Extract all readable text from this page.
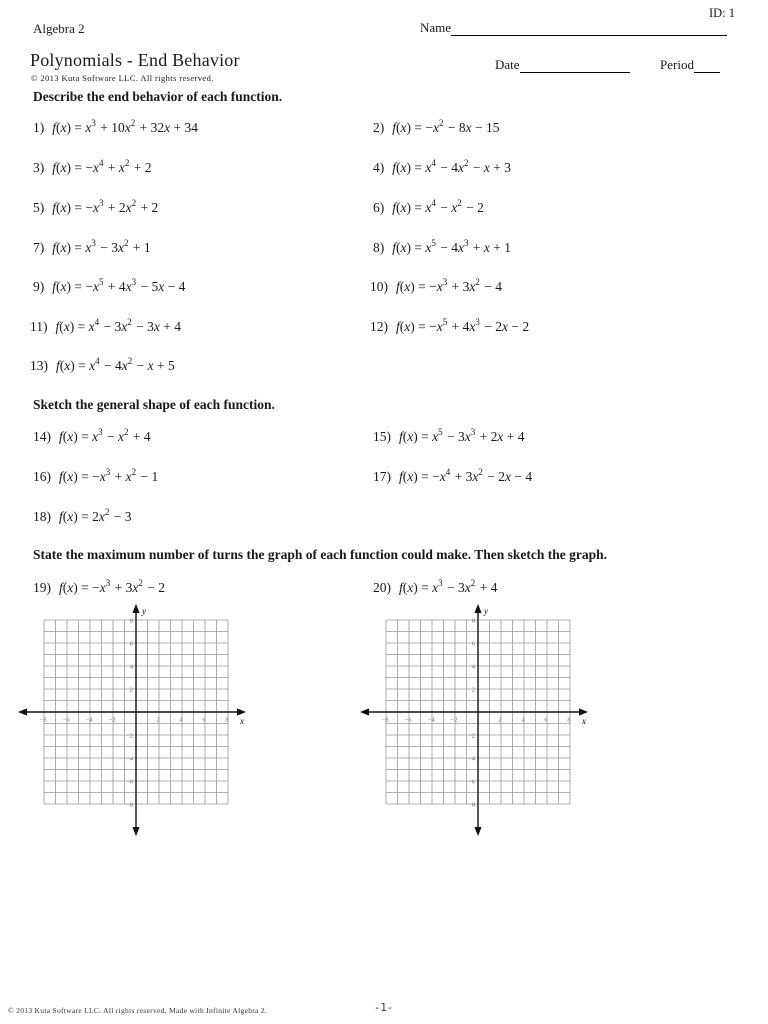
ID: 1
Algebra 2	Name
Polynomials - End Behavior
© 2013 Kuta Software LLC. All rights reserved.
Date	Period
Describe the end behavior of each function.
1) $f(x) = x^3 + 10x^2 + 32x + 34$	2) $f(x) = -x^2 - 8x - 15$
3) $f(x) = -x^4 + x^2 + 2$	4) $f(x) = x^4 - 4x^2 - x + 3$
5) $f(x) = -x^3 + 2x^2 + 2$	6) $f(x) = x^4 - x^2 - 2$
7) $f(x) = x^3 - 3x^2 + 1$	8) $f(x) = x^5 - 4x^3 + x + 1$
9) $f(x) = -x^5 + 4x^3 - 5x - 4$	10) $f(x) = -x^3 + 3x^2 - 4$
11) $f(x) = x^4 - 3x^2 - 3x + 4$	12) $f(x) = -x^5 + 4x^3 - 2x - 2$
13) $f(x) = x^4 - 4x^2 - x + 5$
Sketch the general shape of each function.
14) $f(x) = x^3 - x^2 + 4$	15) $f(x) = x^5 - 3x^3 + 2x + 4$
16) $f(x) = -x^3 + x^2 - 1$	17) $f(x) = -x^4 + 3x^2 - 2x - 4$
18) $f(x) = 2x^2 - 3$
State the maximum number of turns the graph of each function could make. Then sketch the graph.
19) $f(x) = -x^3 + 3x^2 - 2$	20) $f(x) = x^3 - 3x^2 + 4$
−8 −6 −4 −2	2	4	6	8
8
6
4
2
−2
−4
−6
−8
y
x	−8 −6 −4 −2	2	4	6	8
8
6
4
2
−2
−4
−6
−8
y
x
© 2013 Kuta Software LLC. All rights reserved. Made with Infinite Algebra 2.	-1-
